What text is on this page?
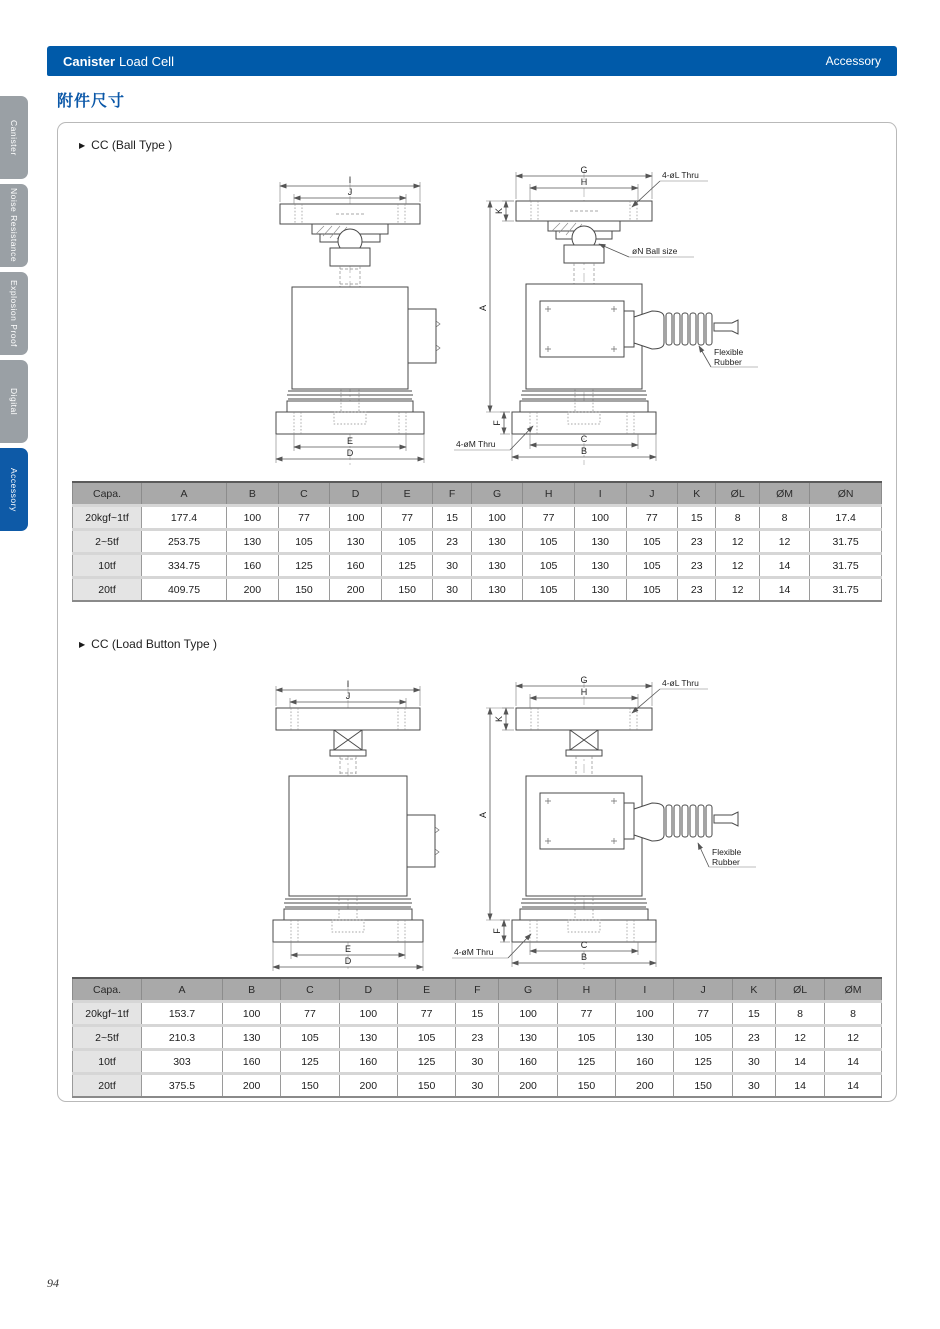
Canister Load Cell	Accessory
附件尺寸
Canister
Noise Resistance
Explosion Proof
Digital
Accessory
▶ CC (Ball Type )
I
J
E
D
G
H
K
A
F
C
B
4-øL Thru
øN Ball size
4-øM Thru
Flexible
Rubber
Capa.	A	B	C	D	E	F	G	H	I	J	K	ØL	ØM	ØN
20kgf~1tf	177.4	100	77	100	77	15	100	77	100	77	15	8	8	17.4
2~5tf	253.75	130	105	130	105	23	130	105	130	105	23	12	12	31.75
10tf	334.75	160	125	160	125	30	130	105	130	105	23	12	14	31.75
20tf	409.75	200	150	200	150	30	130	105	130	105	23	12	14	31.75
▶ CC (Load Button Type )
I
J
E
D
G
H
K
A
F
C
B
4-øL Thru
4-øM Thru
Flexible
Rubber
Capa.	A	B	C	D	E	F	G	H	I	J	K	ØL	ØM
20kgf~1tf	153.7	100	77	100	77	15	100	77	100	77	15	8	8
2~5tf	210.3	130	105	130	105	23	130	105	130	105	23	12	12
10tf	303	160	125	160	125	30	160	125	160	125	30	14	14
20tf	375.5	200	150	200	150	30	200	150	200	150	30	14	14
94
